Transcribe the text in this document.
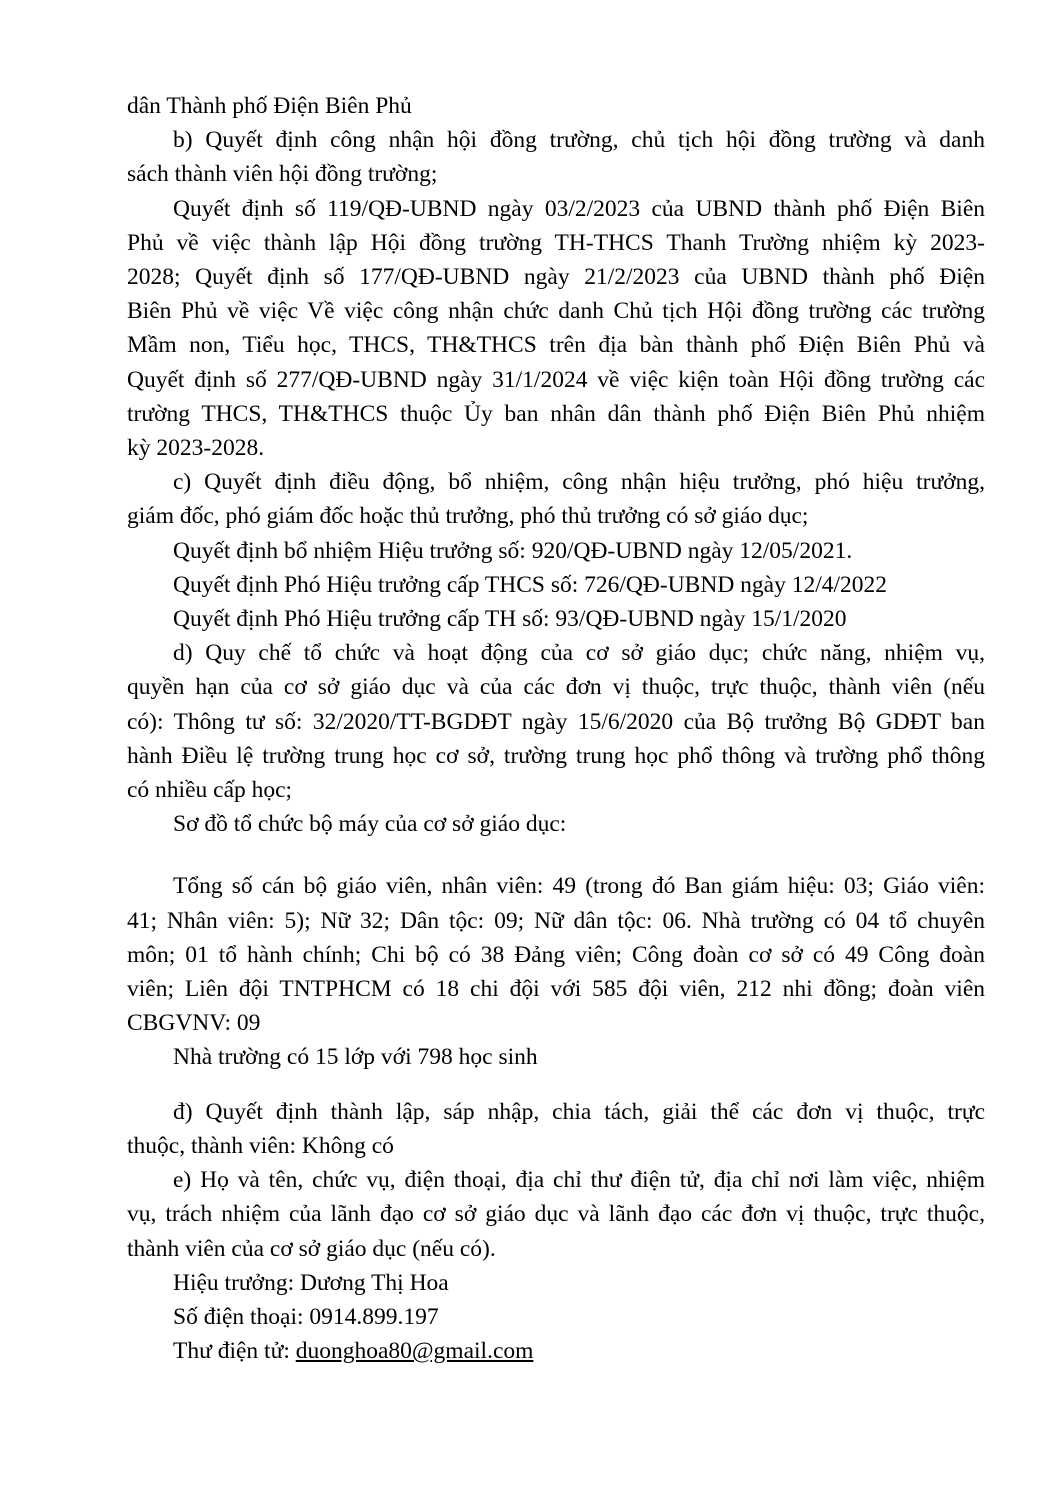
dân Thành phố Điện Biên Phủ
b) Quyết định công nhận hội đồng trường, chủ tịch hội đồng trường và danh
sách thành viên hội đồng trường;
Quyết định số 119/QĐ-UBND ngày 03/2/2023 của UBND thành phố Điện Biên
Phủ về việc thành lập Hội đồng trường TH-THCS Thanh Trường nhiệm kỳ 2023-
2028; Quyết định số 177/QĐ-UBND ngày 21/2/2023 của UBND thành phố Điện
Biên Phủ về việc Về việc công nhận chức danh Chủ tịch Hội đồng trường các trường
Mầm non, Tiểu học, THCS, TH&THCS trên địa bàn thành phố Điện Biên Phủ và
Quyết định số 277/QĐ-UBND ngày 31/1/2024 về việc kiện toàn Hội đồng trường các
trường THCS, TH&THCS thuộc Ủy ban nhân dân thành phố Điện Biên Phủ nhiệm
kỳ 2023-2028.
c) Quyết định điều động, bổ nhiệm, công nhận hiệu trưởng, phó hiệu trưởng,
giám đốc, phó giám đốc hoặc thủ trưởng, phó thủ trưởng có sở giáo dục;
Quyết định bổ nhiệm Hiệu trưởng số: 920/QĐ-UBND ngày 12/05/2021.
Quyết định Phó Hiệu trưởng cấp THCS số: 726/QĐ-UBND ngày 12/4/2022
Quyết định Phó Hiệu trưởng cấp TH số: 93/QĐ-UBND ngày 15/1/2020
d) Quy chế tổ chức và hoạt động của cơ sở giáo dục; chức năng, nhiệm vụ,
quyền hạn của cơ sở giáo dục và của các đơn vị thuộc, trực thuộc, thành viên (nếu
có): Thông tư số: 32/2020/TT-BGDĐT ngày 15/6/2020 của Bộ trưởng Bộ GDĐT ban
hành Điều lệ trường trung học cơ sở, trường trung học phổ thông và trường phổ thông
có nhiều cấp học;
Sơ đồ tổ chức bộ máy của cơ sở giáo dục:
Tổng số cán bộ giáo viên, nhân viên: 49 (trong đó Ban giám hiệu: 03; Giáo viên:
41; Nhân viên: 5); Nữ 32; Dân tộc: 09; Nữ dân tộc: 06. Nhà trường có 04 tổ chuyên
môn; 01 tổ hành chính; Chi bộ có 38 Đảng viên; Công đoàn cơ sở có 49 Công đoàn
viên; Liên đội TNTPHCM có 18 chi đội với 585 đội viên, 212 nhi đồng; đoàn viên
CBGVNV: 09
Nhà trường có 15 lớp với 798 học sinh
đ) Quyết định thành lập, sáp nhập, chia tách, giải thể các đơn vị thuộc, trực
thuộc, thành viên: Không có
e) Họ và tên, chức vụ, điện thoại, địa chỉ thư điện tử, địa chỉ nơi làm việc, nhiệm
vụ, trách nhiệm của lãnh đạo cơ sở giáo dục và lãnh đạo các đơn vị thuộc, trực thuộc,
thành viên của cơ sở giáo dục (nếu có).
Hiệu trưởng: Dương Thị Hoa
Số điện thoại: 0914.899.197
Thư điện tử: duonghoa80@gmail.com
